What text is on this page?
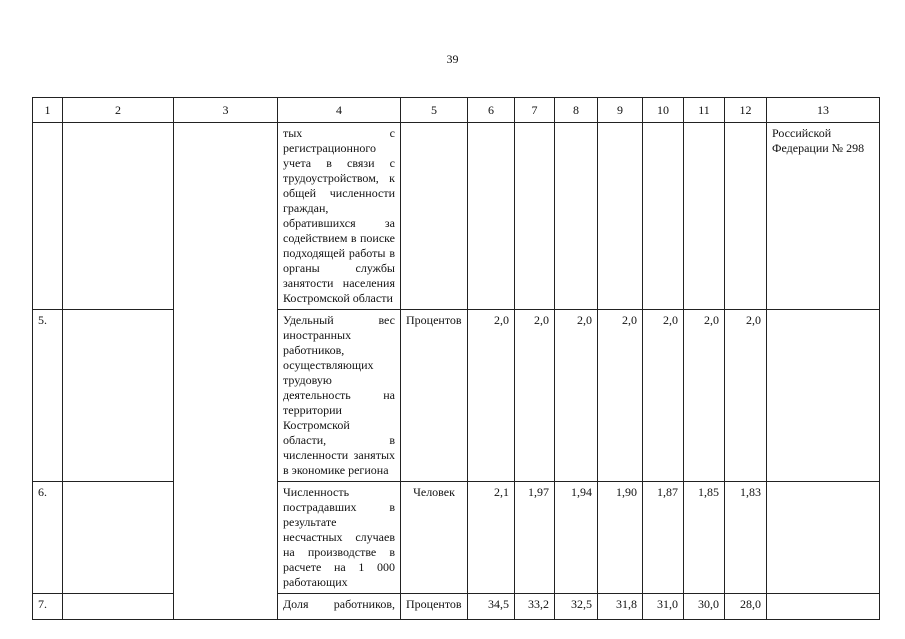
39
1	2	3	4	5	6	7	8	9	10	11	12	13
			тых с регистрационного учета в связи с трудоустройством, к общей численности граждан, обратившихся за содействием в поиске подходящей работы в органы службы занятости населения Костромской области									Российской Федерации № 298
5.			Удельный вес иностранных работников, осуществляющих трудовую деятельность на территории Костромской области, в численности занятых в экономике региона	Процентов	2,0	2,0	2,0	2,0	2,0	2,0	2,0	
6.			Численность пострадавших в результате несчастных случаев на производстве в расчете на 1 000 работающих	Человек	2,1	1,97	1,94	1,90	1,87	1,85	1,83	
7.			Доля работников,	Процентов	34,5	33,2	32,5	31,8	31,0	30,0	28,0	
